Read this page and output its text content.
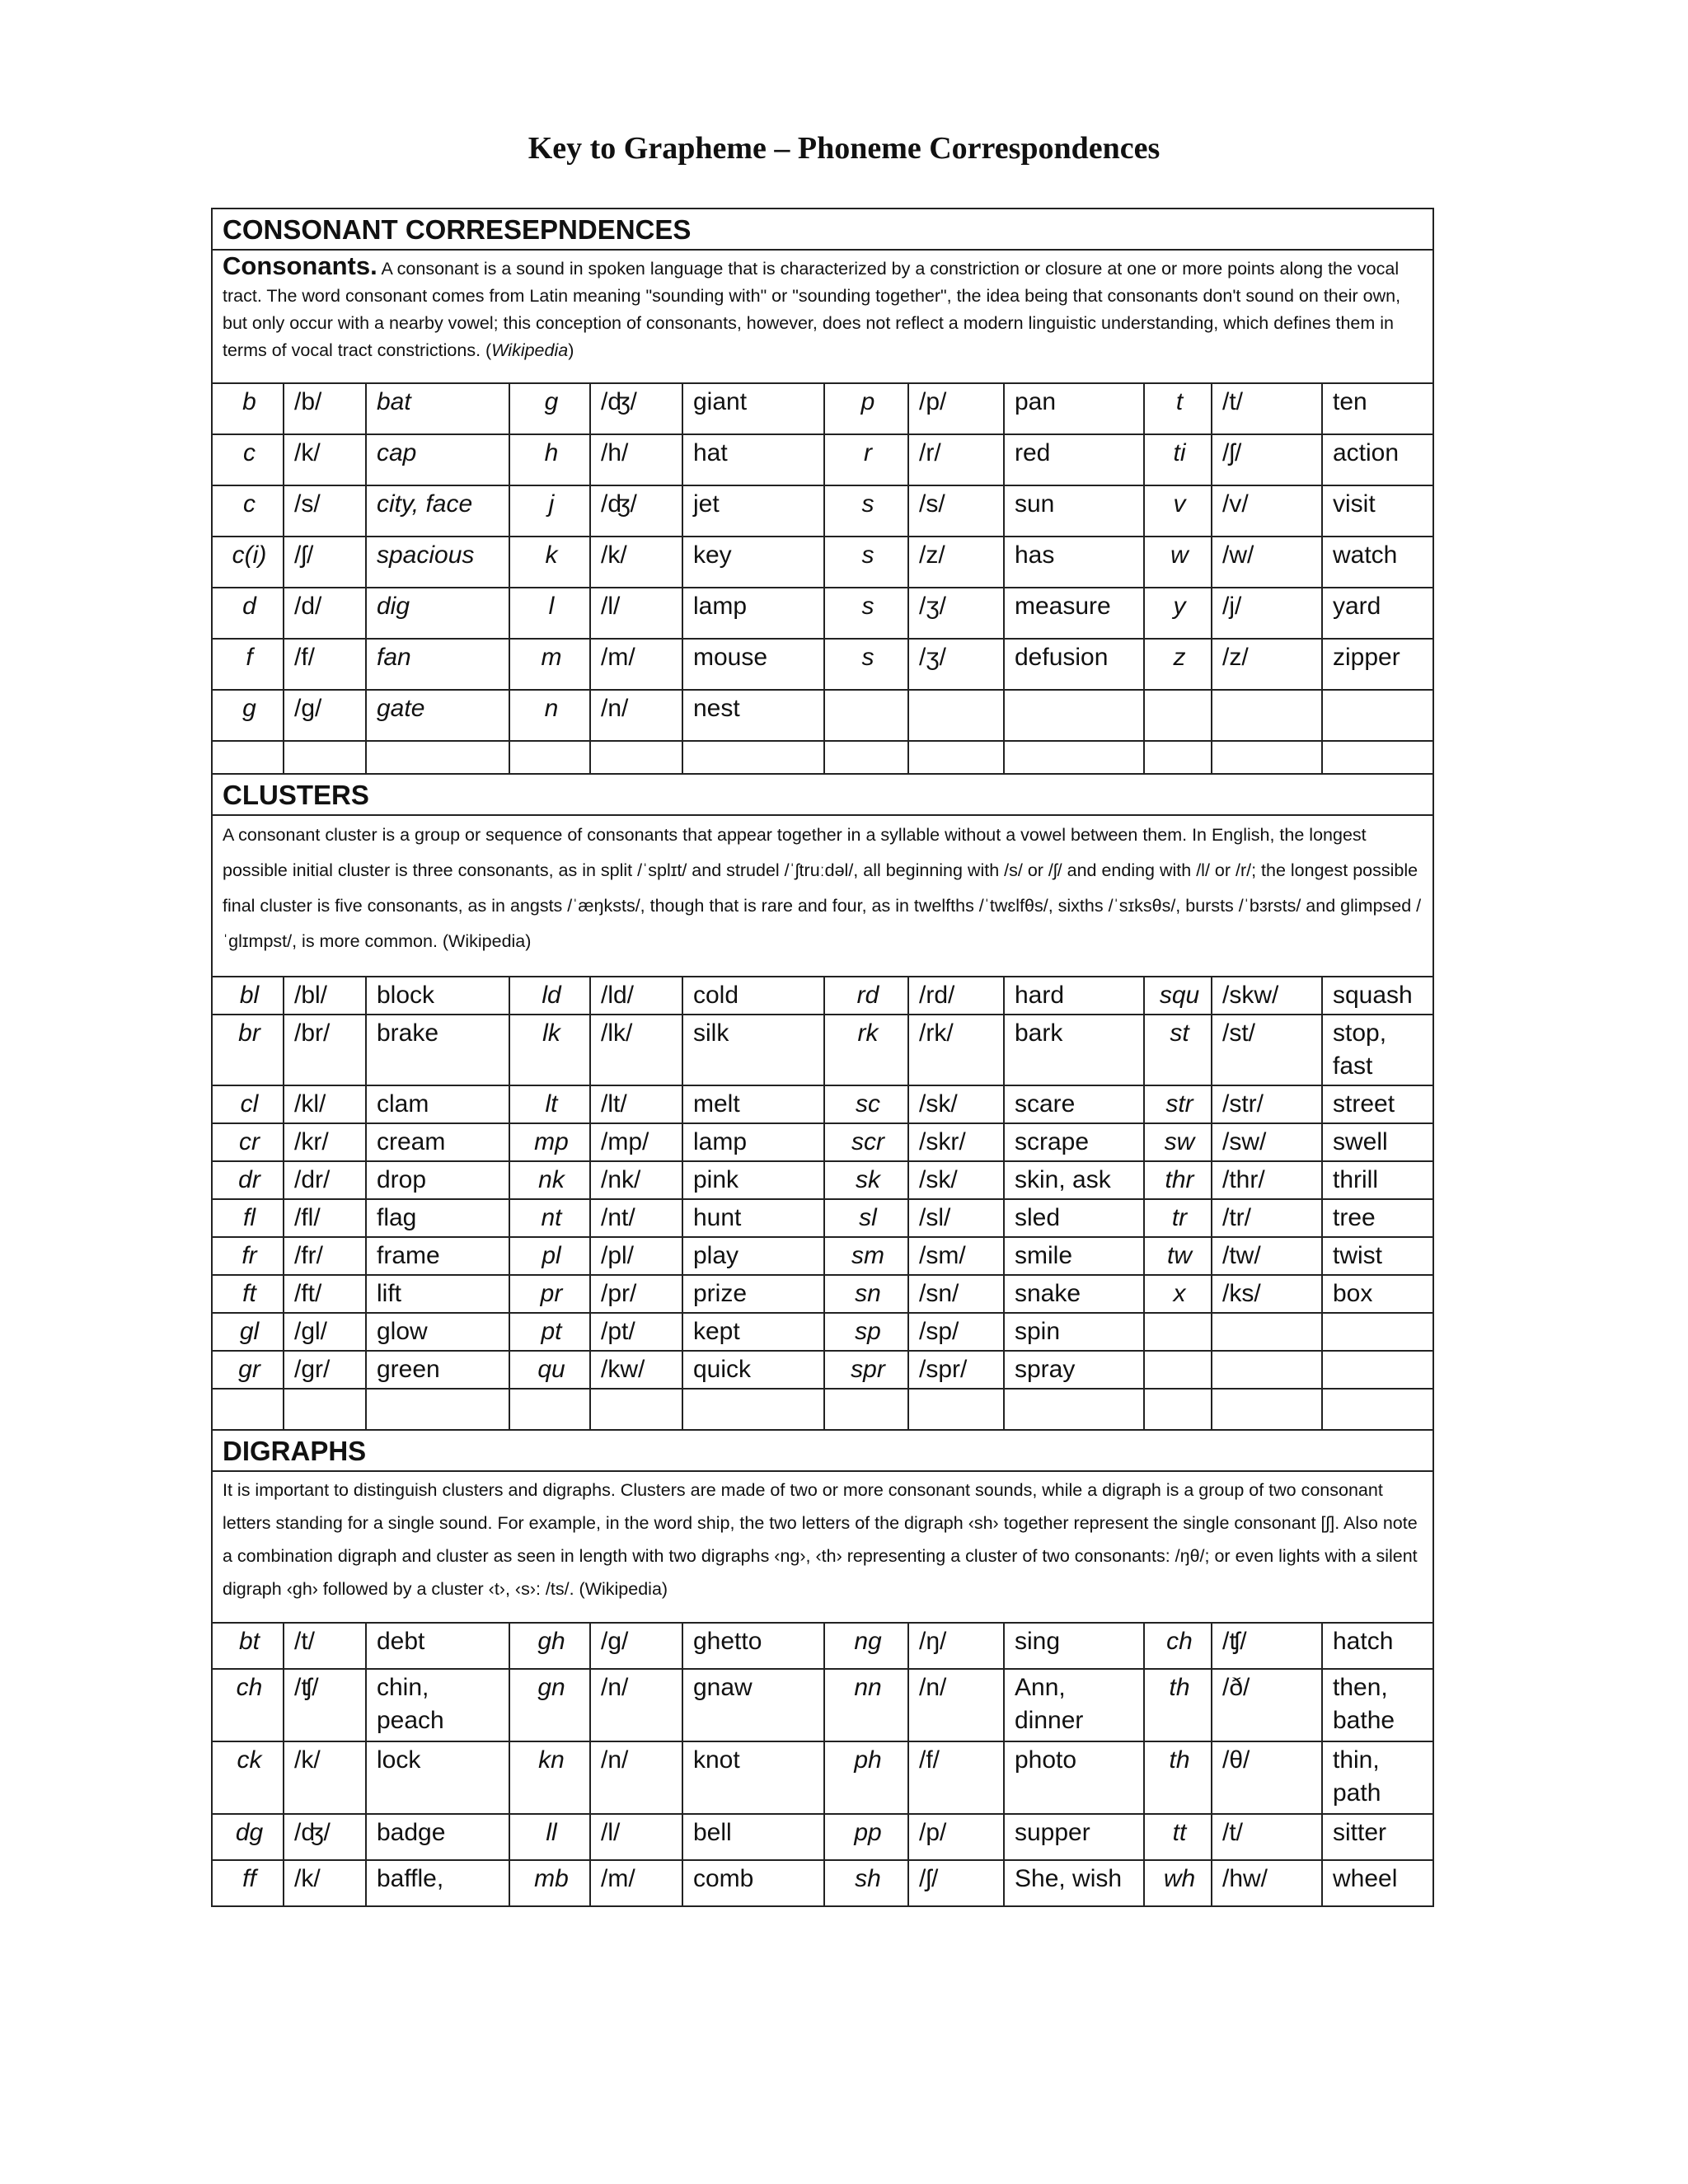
Key to Grapheme – Phoneme Correspondences
CONSONANT CORRESEPNDENCES
Consonants. A consonant is a sound in spoken language that is characterized by a constriction or closure at one or more points along the vocal tract. The word consonant comes from Latin meaning "sounding with" or "sounding together", the idea being that consonants don't sound on their own, but only occur with a nearby vowel; this conception of consonants, however, does not reflect a modern linguistic understanding, which defines them in terms of vocal tract constrictions. (Wikipedia)
b	/b/	bat	g	/ʤ/	giant	p	/p/	pan	t	/t/	ten
c	/k/	cap	h	/h/	hat	r	/r/	red	ti	/ʃ/	action
c	/s/	city, face	j	/ʤ/	jet	s	/s/	sun	v	/v/	visit
c(i)	/ʃ/	spacious	k	/k/	key	s	/z/	has	w	/w/	watch
d	/d/	dig	l	/l/	lamp	s	/ʒ/	measure	y	/j/	yard
f	/f/	fan	m	/m/	mouse	s	/ʒ/	defusion	z	/z/	zipper
g	/g/	gate	n	/n/	nest						

CLUSTERS
A consonant cluster is a group or sequence of consonants that appear together in a syllable without a vowel between them. In English, the longest possible initial cluster is three consonants, as in split /ˈsplɪt/ and strudel /ˈʃtruːdəl/, all beginning with /s/ or /ʃ/ and ending with /l/ or /r/; the longest possible final cluster is five consonants, as in angsts /ˈæŋksts/, though that is rare and four, as in twelfths /ˈtwɛlfθs/, sixths /ˈsɪksθs/, bursts /ˈbɜrsts/ and glimpsed /ˈglɪmpst/, is more common. (Wikipedia)
bl	/bl/	block	ld	/ld/	cold	rd	/rd/	hard	squ	/skw/	squash
br	/br/	brake	lk	/lk/	silk	rk	/rk/	bark	st	/st/	stop, fast
cl	/kl/	clam	lt	/lt/	melt	sc	/sk/	scare	str	/str/	street
cr	/kr/	cream	mp	/mp/	lamp	scr	/skr/	scrape	sw	/sw/	swell
dr	/dr/	drop	nk	/nk/	pink	sk	/sk/	skin, ask	thr	/thr/	thrill
fl	/fl/	flag	nt	/nt/	hunt	sl	/sl/	sled	tr	/tr/	tree
fr	/fr/	frame	pl	/pl/	play	sm	/sm/	smile	tw	/tw/	twist
ft	/ft/	lift	pr	/pr/	prize	sn	/sn/	snake	x	/ks/	box
gl	/gl/	glow	pt	/pt/	kept	sp	/sp/	spin			
gr	/gr/	green	qu	/kw/	quick	spr	/spr/	spray			

DIGRAPHS
It is important to distinguish clusters and digraphs. Clusters are made of two or more consonant sounds, while a digraph is a group of two consonant letters standing for a single sound. For example, in the word ship, the two letters of the digraph ‹sh› together represent the single consonant [ʃ]. Also note a combination digraph and cluster as seen in length with two digraphs ‹ng›, ‹th› representing a cluster of two consonants: /ŋθ/; or even lights with a silent digraph ‹gh› followed by a cluster ‹t›, ‹s›: /ts/. (Wikipedia)
bt	/t/	debt	gh	/g/	ghetto	ng	/ŋ/	sing	ch	/ʧ/	hatch
ch	/ʧ/	chin, peach	gn	/n/	gnaw	nn	/n/	Ann, dinner	th	/ð/	then, bathe
ck	/k/	lock	kn	/n/	knot	ph	/f/	photo	th	/θ/	thin, path
dg	/ʤ/	badge	ll	/l/	bell	pp	/p/	supper	tt	/t/	sitter
ff	/k/	baffle,	mb	/m/	comb	sh	/ʃ/	She, wish	wh	/hw/	wheel
